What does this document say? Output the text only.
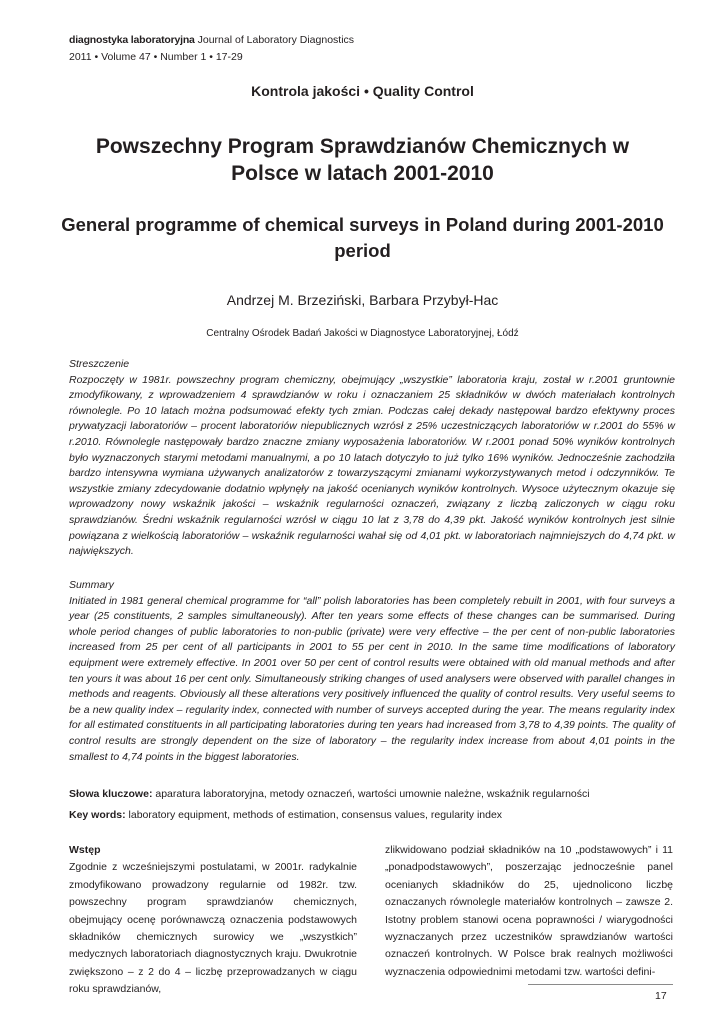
diagnostyka laboratoryjna Journal of Laboratory Diagnostics
2011 • Volume 47 • Number 1 • 17-29
Kontrola jakości • Quality Control
Powszechny Program Sprawdzianów Chemicznych w Polsce w latach 2001-2010
General programme of chemical surveys in Poland during 2001-2010 period
Andrzej M. Brzeziński, Barbara Przybył-Hac
Centralny Ośrodek Badań Jakości w Diagnostyce Laboratoryjnej, Łódź
Streszczenie
Rozpoczęty w 1981r. powszechny program chemiczny, obejmujący „wszystkie” laboratoria kraju, został w r.2001 gruntownie zmodyfikowany, z wprowadzeniem 4 sprawdzianów w roku i oznaczaniem 25 składników w dwóch materiałach kontrolnych równolegle. Po 10 latach można podsumować efekty tych zmian. Podczas całej dekady następował bardzo efektywny proces prywatyzacji laboratoriów – procent laboratoriów niepublicznych wzrósł z 25% uczestniczących laboratoriów w r.2001 do 55% w r.2010. Równolegle następowały bardzo znaczne zmiany wyposażenia laboratoriów. W r.2001 ponad 50% wyników kontrolnych było wyznaczonych starymi metodami manualnymi, a po 10 latach dotyczyło to już tylko 16% wyników. Jednocześnie zachodziła bardzo intensywna wymiana używanych analizatorów z towarzyszącymi zmianami wykorzystywanych metod i odczynników. Te wszystkie zmiany zdecydowanie dodatnio wpłynęły na jakość ocenianych wyników kontrolnych. Wysoce użytecznym okazuje się wprowadzony nowy wskaźnik jakości – wskaźnik regularności oznaczeń, związany z liczbą zaliczonych w ciągu roku sprawdzianów. Średni wskaźnik regularności wzrósł w ciągu 10 lat z 3,78 do 4,39 pkt. Jakość wyników kontrolnych jest silnie powiązana z wielkością laboratoriów – wskaźnik regularności wahał się od 4,01 pkt. w laboratoriach najmniejszych do 4,74 pkt. w największych.
Summary
Initiated in 1981 general chemical programme for “all” polish laboratories has been completely rebuilt in 2001, with four surveys a year (25 constituents, 2 samples simultaneously). After ten years some effects of these changes can be summarised. During whole period changes of public laboratories to non-public (private) were very effective – the per cent of non-public laboratories increased from 25 per cent of all participants in 2001 to 55 per cent in 2010. In the same time modifications of laboratory equipment were extremely effective. In 2001 over 50 per cent of control results were obtained with old manual methods and after ten yours it was about 16 per cent only. Simultaneously striking changes of used analysers were observed with parallel changes in methods and reagents. Obviously all these alterations very positively influenced the quality of control results. Very useful seems to be a new quality index – regularity index, connected with number of surveys accepted during the year. The means regularity index for all estimated constituents in all participating laboratories during ten years had increased from 3,78 to 4,39 points. The quality of control results are strongly dependent on the size of laboratory – the regularity index increase from about 4,01 points in the smallest to 4,74 points in the biggest laboratories.
Słowa kluczowe: aparatura laboratoryjna, metody oznaczeń, wartości umownie należne, wskaźnik regularności
Key words: laboratory equipment, methods of estimation, consensus values, regularity index
Wstęp

Zgodnie z wcześniejszymi postulatami, w 2001r. radykalnie zmodyfikowano prowadzony regularnie od 1982r. tzw. powszechny program sprawdzianów chemicznych, obejmujący ocenę porównawczą oznaczenia podstawowych składników chemicznych surowicy we „wszystkich” medycznych laboratoriach diagnostycznych kraju. Dwukrotnie zwiększono – z 2 do 4 – liczbę przeprowadzanych w ciągu roku sprawdzianów,

zlikwidowano podział składników na 10 „podstawowych” i 11 „ponadpodstawowych”, poszerzając jednocześnie panel ocenianych składników do 25, ujednolicono liczbę oznaczanych równolegle materiałów kontrolnych – zawsze 2. Istotny problem stanowi ocena poprawności / wiarygodności wyznaczanych przez uczestników sprawdzianów wartości oznaczeń kontrolnych. W Polsce brak realnych możliwości wyznaczenia odpowiednimi metodami tzw. wartości defini-

17
